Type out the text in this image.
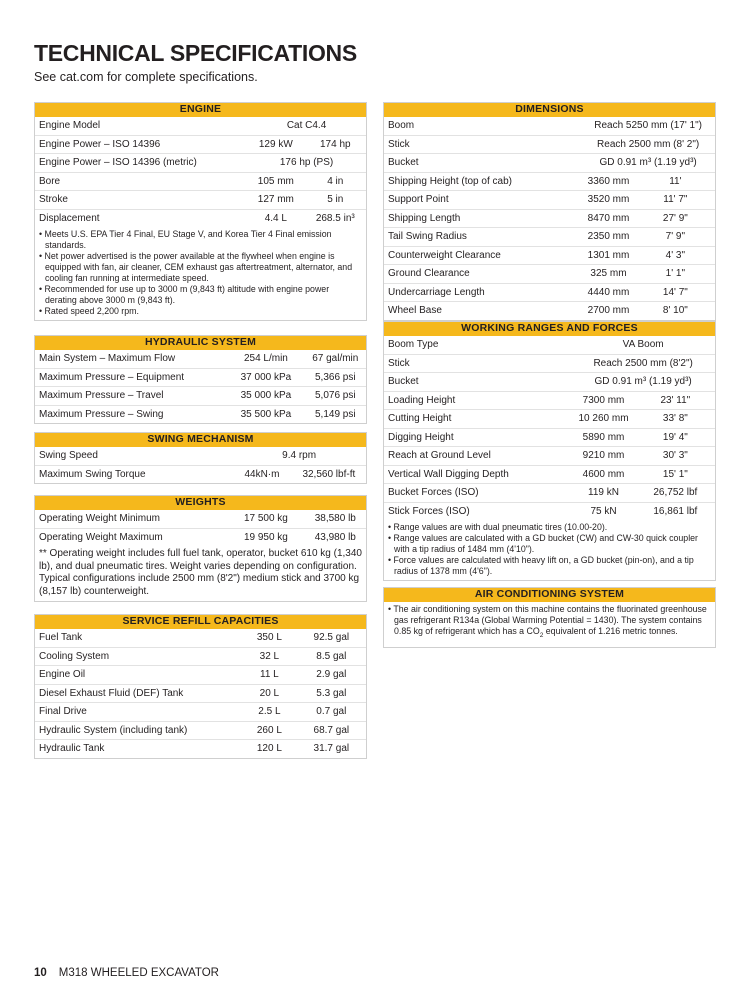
TECHNICAL SPECIFICATIONS
See cat.com for complete specifications.
ENGINE
Engine Model	Cat C4.4
Engine Power – ISO 14396	129 kW	174 hp
Engine Power – ISO 14396 (metric)	176 hp (PS)
Bore	105 mm	4 in
Stroke	127 mm	5 in
Displacement	4.4 L	268.5 in³
• Meets U.S. EPA Tier 4 Final, EU Stage V, and Korea Tier 4 Final emission standards.
• Net power advertised is the power available at the flywheel when engine is equipped with fan, air cleaner, CEM exhaust gas aftertreatment, alternator, and cooling fan running at intermediate speed.
• Recommended for use up to 3000 m (9,843 ft) altitude with engine power derating above 3000 m (9,843 ft).
• Rated speed 2,200 rpm.
HYDRAULIC SYSTEM
Main System – Maximum Flow	254 L/min	67 gal/min
Maximum Pressure – Equipment	37 000 kPa	5,366 psi
Maximum Pressure – Travel	35 000 kPa	5,076 psi
Maximum Pressure – Swing	35 500 kPa	5,149 psi
SWING MECHANISM
Swing Speed	9.4 rpm
Maximum Swing Torque	44kN·m	32,560 lbf-ft
WEIGHTS
Operating Weight Minimum	17 500 kg	38,580 lb
Operating Weight Maximum	19 950 kg	43,980 lb
** Operating weight includes full fuel tank, operator, bucket 610 kg (1,340 lb), and dual pneumatic tires. Weight varies depending on configuration. Typical configurations include 2500 mm (8'2") medium stick and 3700 kg (8,157 lb) counterweight.
SERVICE REFILL CAPACITIES
Fuel Tank	350 L	92.5 gal
Cooling System	32 L	8.5 gal
Engine Oil	11 L	2.9 gal
Diesel Exhaust Fluid (DEF) Tank	20 L	5.3 gal
Final Drive	2.5 L	0.7 gal
Hydraulic System (including tank)	260 L	68.7 gal
Hydraulic Tank	120 L	31.7 gal
DIMENSIONS
Boom	Reach 5250 mm (17' 1")
Stick	Reach 2500 mm (8' 2")
Bucket	GD 0.91 m³ (1.19 yd³)
Shipping Height (top of cab)	3360 mm	11'
Support Point	3520 mm	11' 7"
Shipping Length	8470 mm	27' 9"
Tail Swing Radius	2350 mm	7' 9"
Counterweight Clearance	1301 mm	4' 3"
Ground Clearance	325 mm	1' 1"
Undercarriage Length	4440 mm	14' 7"
Wheel Base	2700 mm	8' 10"
WORKING RANGES AND FORCES
Boom Type	VA Boom
Stick	Reach 2500 mm (8'2")
Bucket	GD 0.91 m³ (1.19 yd³)
Loading Height	7300 mm	23' 11"
Cutting Height	10 260 mm	33' 8"
Digging Height	5890 mm	19' 4"
Reach at Ground Level	9210 mm	30' 3"
Vertical Wall Digging Depth	4600 mm	15' 1"
Bucket Forces (ISO)	119 kN	26,752 lbf
Stick Forces (ISO)	75 kN	16,861 lbf
• Range values are with dual pneumatic tires (10.00-20).
• Range values are calculated with a GD bucket (CW) and CW-30 quick coupler with a tip radius of 1484 mm (4'10").
• Force values are calculated with heavy lift on, a GD bucket (pin-on), and a tip radius of 1378 mm (4'6").
AIR CONDITIONING SYSTEM
• The air conditioning system on this machine contains the fluorinated greenhouse gas refrigerant R134a (Global Warming Potential = 1430). The system contains 0.85 kg of refrigerant which has a $CO_2$ equivalent of 1.216 metric tonnes.
10 M318 WHEELED EXCAVATOR
